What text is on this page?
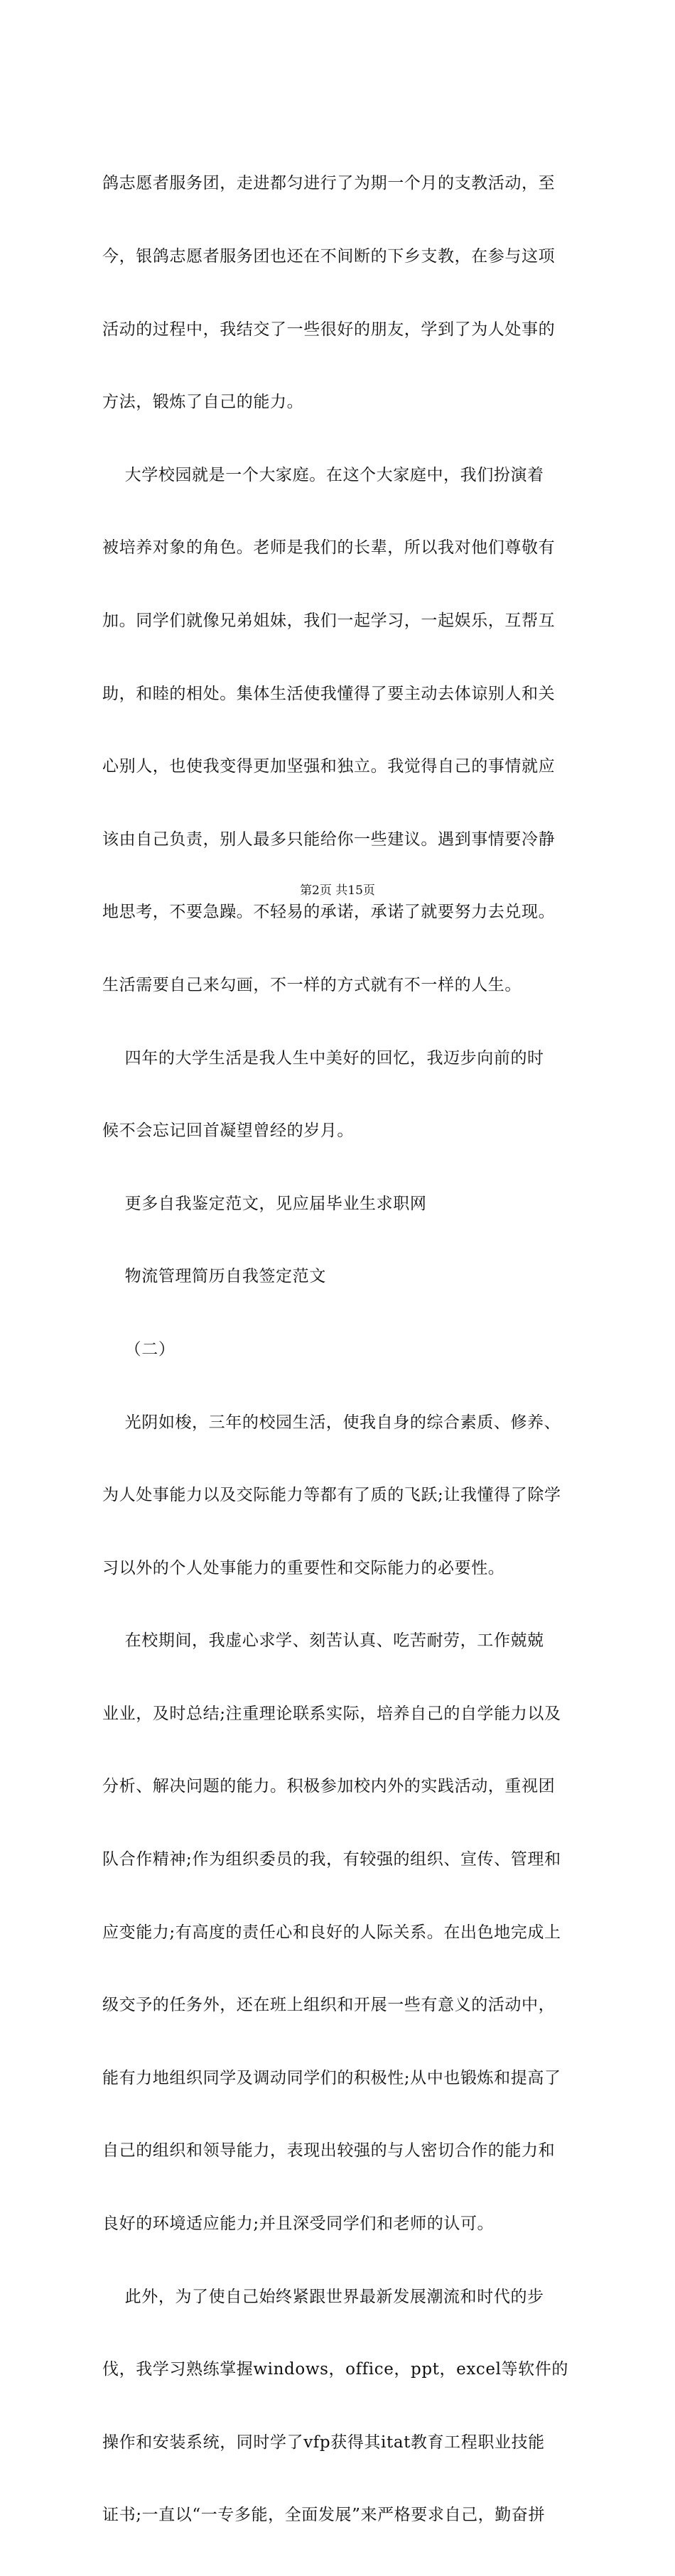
鸽志愿者服务团，走进都匀进行了为期一个月的支教活动，至

今，银鸽志愿者服务团也还在不间断的下乡支教，在参与这项

活动的过程中，我结交了一些很好的朋友，学到了为人处事的

方法，锻炼了自己的能力。

大学校园就是一个大家庭。在这个大家庭中，我们扮演着

被培养对象的角色。老师是我们的长辈，所以我对他们尊敬有

加。同学们就像兄弟姐妹，我们一起学习，一起娱乐，互帮互

助，和睦的相处。集体生活使我懂得了要主动去体谅别人和关

心别人，也使我变得更加坚强和独立。我觉得自己的事情就应

该由自己负责，别人最多只能给你一些建议。遇到事情要冷静

地思考，不要急躁。不轻易的承诺，承诺了就要努力去兑现。

生活需要自己来勾画，不一样的方式就有不一样的人生。

四年的大学生活是我人生中美好的回忆，我迈步向前的时

候不会忘记回首凝望曾经的岁月。

更多自我鉴定范文，见应届毕业生求职网

物流管理简历自我签定范文

（二）

光阴如梭，三年的校园生活，使我自身的综合素质、修养、

为人处事能力以及交际能力等都有了质的飞跃;让我懂得了除学

习以外的个人处事能力的重要性和交际能力的必要性。

在校期间，我虚心求学、刻苦认真、吃苦耐劳，工作兢兢

业业，及时总结;注重理论联系实际，培养自己的自学能力以及

分析、解决问题的能力。积极参加校内外的实践活动，重视团

队合作精神;作为组织委员的我，有较强的组织、宣传、管理和

应变能力;有高度的责任心和良好的人际关系。在出色地完成上

级交予的任务外，还在班上组织和开展一些有意义的活动中，

能有力地组织同学及调动同学们的积极性;从中也锻炼和提高了

自己的组织和领导能力，表现出较强的与人密切合作的能力和

良好的环境适应能力;并且深受同学们和老师的认可。

此外，为了使自己始终紧跟世界最新发展潮流和时代的步

伐，我学习熟练掌握windows，office，ppt，excel等软件的

操作和安装系统，同时学了vfp获得其itat教育工程职业技能

证书;一直以“一专多能，全面发展”来严格要求自己，勤奋拼

第2页 共15页
